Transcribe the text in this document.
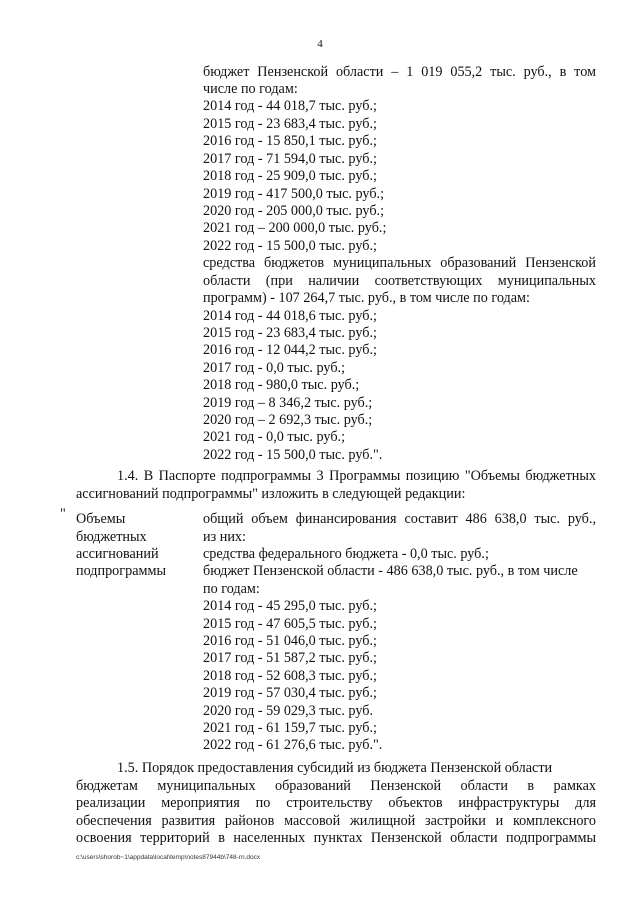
4
бюджет Пензенской области – 1 019 055,2 тыс. руб., в том
числе по годам:
2014 год - 44 018,7 тыс. руб.;
2015 год - 23 683,4 тыс. руб.;
2016 год - 15 850,1 тыс. руб.;
2017 год - 71 594,0 тыс. руб.;
2018 год - 25 909,0 тыс. руб.;
2019 год - 417 500,0 тыс. руб.;
2020 год - 205 000,0 тыс. руб.;
2021 год – 200 000,0 тыс. руб.;
2022 год - 15 500,0 тыс. руб.;
средства бюджетов муниципальных образований Пензенской
области (при наличии соответствующих муниципальных
программ) - 107 264,7 тыс. руб., в том числе по годам:
2014 год - 44 018,6 тыс. руб.;
2015 год - 23 683,4 тыс. руб.;
2016 год - 12 044,2 тыс. руб.;
2017 год - 0,0 тыс. руб.;
2018 год - 980,0 тыс. руб.;
2019 год – 8 346,2 тыс. руб.;
2020 год – 2 692,3 тыс. руб.;
2021 год - 0,0 тыс. руб.;
2022 год - 15 500,0 тыс. руб.".
1.4. В Паспорте подпрограммы 3 Программы позицию "Объемы бюджетных
ассигнований подпрограммы" изложить в следующей редакции:
" Объемы
бюджетных
ассигнований
подпрограммы
общий объем финансирования составит 486 638,0 тыс. руб.,
из них:
средства федерального бюджета - 0,0 тыс. руб.;
бюджет Пензенской области - 486 638,0 тыс. руб., в том числе
по годам:
2014 год - 45 295,0 тыс. руб.;
2015 год - 47 605,5 тыс. руб.;
2016 год - 51 046,0 тыс. руб.;
2017 год - 51 587,2 тыс. руб.;
2018 год - 52 608,3 тыс. руб.;
2019 год - 57 030,4 тыс. руб.;
2020 год - 59 029,3 тыс. руб.
2021 год - 61 159,7 тыс. руб.;
2022 год - 61 276,6 тыс. руб.".
1.5. Порядок предоставления субсидий из бюджета Пензенской области
бюджетам муниципальных образований Пензенской области в рамках
реализации мероприятия по строительству объектов инфраструктуры для
обеспечения развития районов массовой жилищной застройки и комплексного
освоения территорий в населенных пунктах Пензенской области подпрограммы
c:\users\shorob~1\appdata\local\temp\notes87944b\748-rn.docx
